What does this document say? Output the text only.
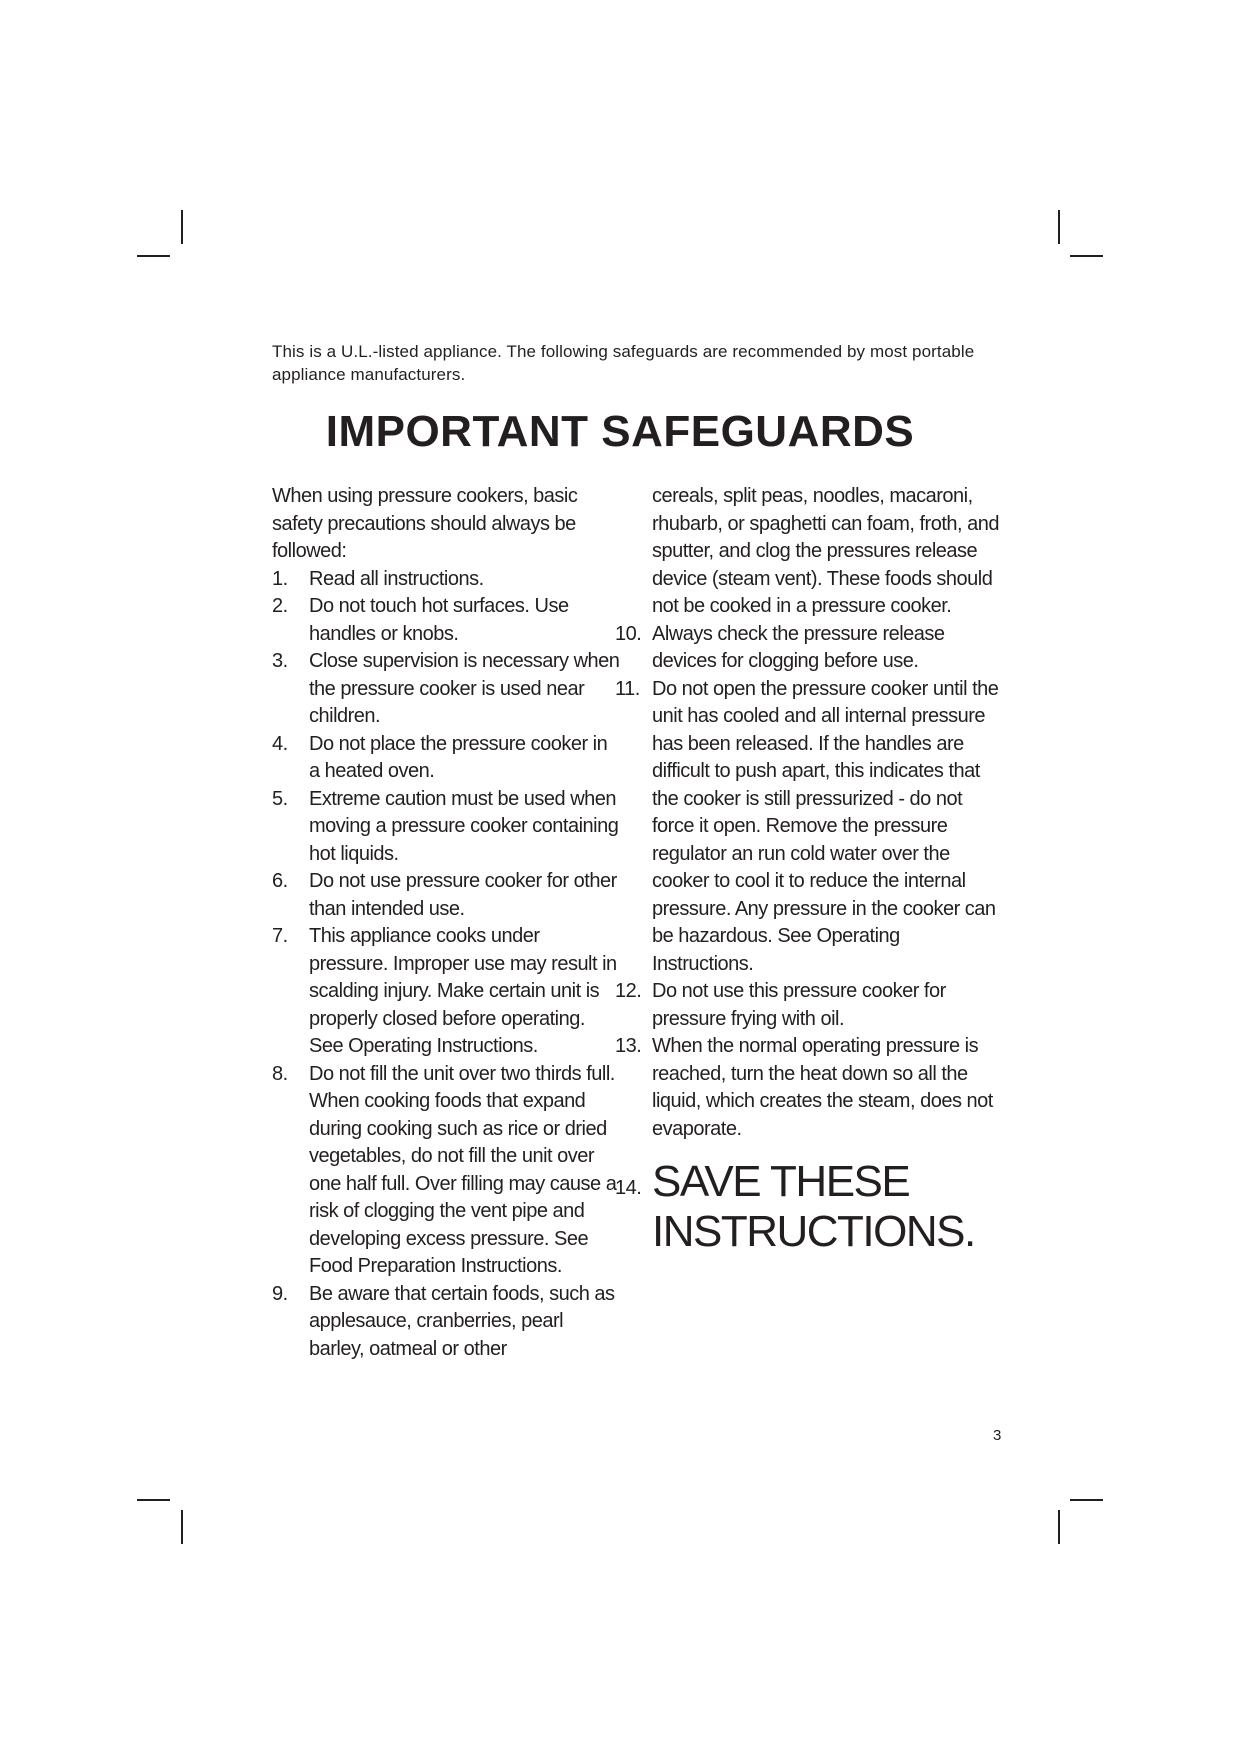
This is a U.L.-listed appliance. The following safeguards are recommended by most portable appliance manufacturers.
IMPORTANT SAFEGUARDS

When using pressure cookers, basic safety precautions should always be followed:

1.	Read all instructions.
2.	Do not touch hot surfaces. Use handles or knobs.
3.	Close supervision is necessary when the pressure cooker is used near children.
4.	Do not place the pressure cooker in a heated oven.
5.	Extreme caution must be used when moving a pressure cooker containing hot liquids.
6.	Do not use pressure cooker for other than intended use.
7.	This appliance cooks under pressure. Improper use may result in scalding injury. Make certain unit is properly closed before operating. See Operating Instructions.
8.	Do not fill the unit over two thirds full. When cooking foods that expand during cooking such as rice or dried vegetables, do not fill the unit over one half full. Over filling may cause a risk of clogging the vent pipe and developing excess pressure. See Food Preparation Instructions.
9.	Be aware that certain foods, such as applesauce, cranberries, pearl barley, oatmeal or other

cereals, split peas, noodles, macaroni, rhubarb, or spaghetti can foam, froth, and sputter, and clog the pressures release device (steam vent). These foods should not be cooked in a pressure cooker.

10. Always check the pressure release devices for clogging before use.
11. Do not open the pressure cooker until the unit has cooled and all internal pressure has been released. If the handles are difficult to push apart, this indicates that the cooker is still pressurized - do not force it open. Remove the pressure regulator an run cold water over the cooker to cool it to reduce the internal pressure. Any pressure in the cooker can be hazardous. See Operating Instructions.
12. Do not use this pressure cooker for pressure frying with oil.
13. When the normal operating pressure is reached, turn the heat down so all the liquid, which creates the steam, does not evaporate.
14. SAVE THESE INSTRUCTIONS.
3
